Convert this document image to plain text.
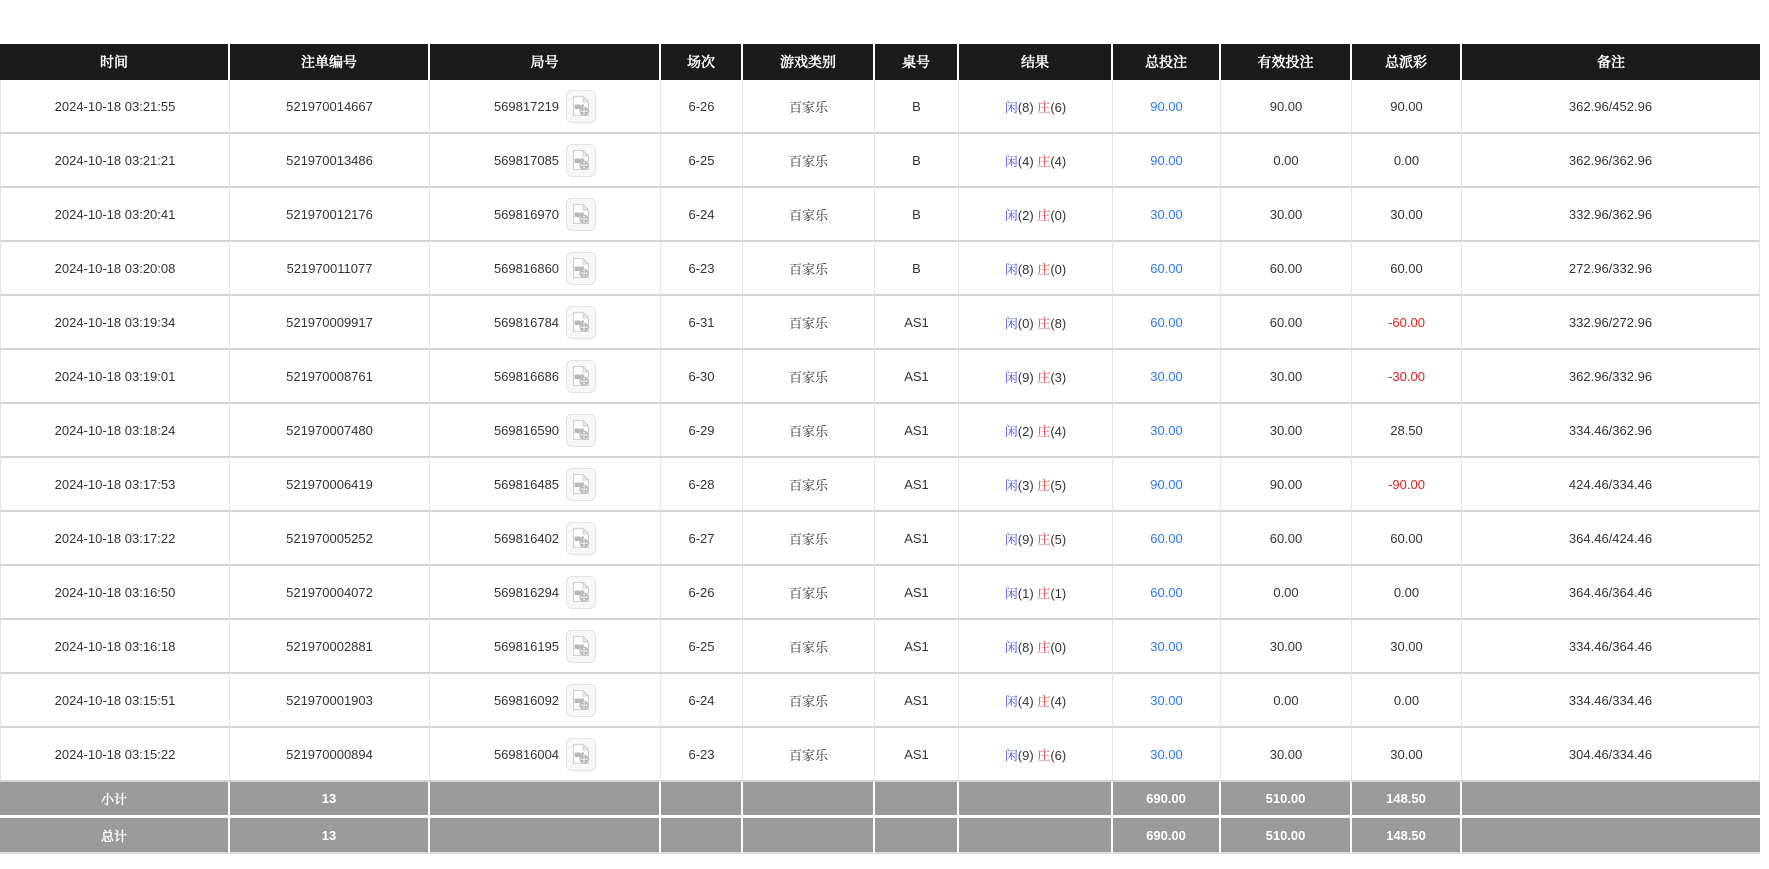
时间	注单编号	局号	场次	游戏类别	桌号	结果	总投注	有效投注	总派彩	备注
2024-10-18 03:21:55	521970014667	569817219	6-26	百家乐	B	闲(8) 庄(6)	90.00	90.00	90.00	362.96/452.96
2024-10-18 03:21:21	521970013486	569817085	6-25	百家乐	B	闲(4) 庄(4)	90.00	0.00	0.00	362.96/362.96
2024-10-18 03:20:41	521970012176	569816970	6-24	百家乐	B	闲(2) 庄(0)	30.00	30.00	30.00	332.96/362.96
2024-10-18 03:20:08	521970011077	569816860	6-23	百家乐	B	闲(8) 庄(0)	60.00	60.00	60.00	272.96/332.96
2024-10-18 03:19:34	521970009917	569816784	6-31	百家乐	AS1	闲(0) 庄(8)	60.00	60.00	-60.00	332.96/272.96
2024-10-18 03:19:01	521970008761	569816686	6-30	百家乐	AS1	闲(9) 庄(3)	30.00	30.00	-30.00	362.96/332.96
2024-10-18 03:18:24	521970007480	569816590	6-29	百家乐	AS1	闲(2) 庄(4)	30.00	30.00	28.50	334.46/362.96
2024-10-18 03:17:53	521970006419	569816485	6-28	百家乐	AS1	闲(3) 庄(5)	90.00	90.00	-90.00	424.46/334.46
2024-10-18 03:17:22	521970005252	569816402	6-27	百家乐	AS1	闲(9) 庄(5)	60.00	60.00	60.00	364.46/424.46
2024-10-18 03:16:50	521970004072	569816294	6-26	百家乐	AS1	闲(1) 庄(1)	60.00	0.00	0.00	364.46/364.46
2024-10-18 03:16:18	521970002881	569816195	6-25	百家乐	AS1	闲(8) 庄(0)	30.00	30.00	30.00	334.46/364.46
2024-10-18 03:15:51	521970001903	569816092	6-24	百家乐	AS1	闲(4) 庄(4)	30.00	0.00	0.00	334.46/334.46
2024-10-18 03:15:22	521970000894	569816004	6-23	百家乐	AS1	闲(9) 庄(6)	30.00	30.00	30.00	304.46/334.46
小计	13						690.00	510.00	148.50	
总计	13						690.00	510.00	148.50	
